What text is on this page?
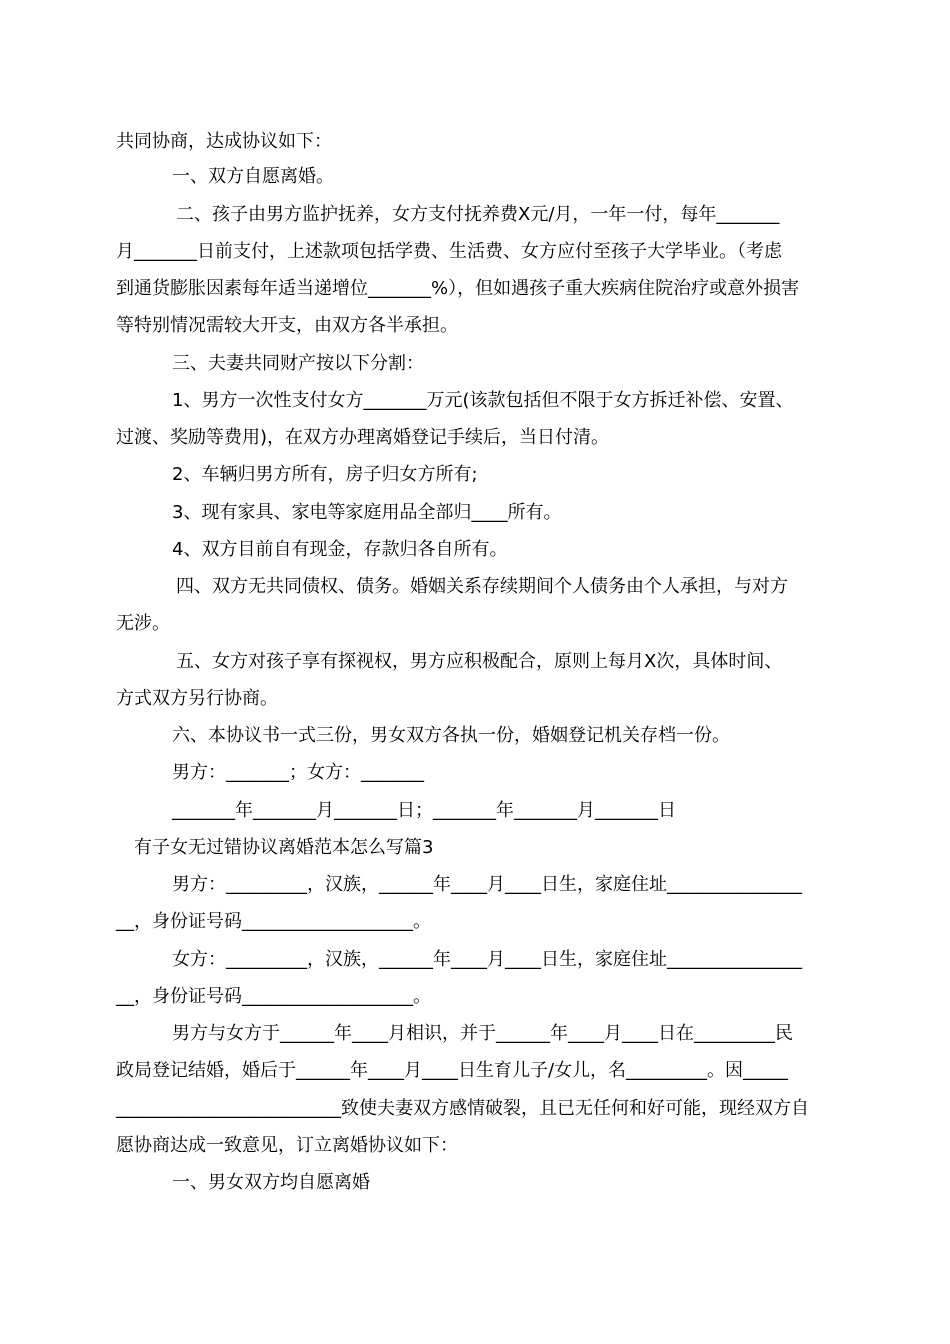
共同协商，达成协议如下：

一、双方自愿离婚。

二、孩子由男方监护抚养，女方支付抚养费X元/月，一年一付，每年_______

月_______日前支付，上述款项包括学费、生活费、女方应付至孩子大学毕业。（考虑

到通货膨胀因素每年适当递增位_______%），但如遇孩子重大疾病住院治疗或意外损害

等特别情况需较大开支，由双方各半承担。

三、夫妻共同财产按以下分割：

1、男方一次性支付女方_______万元(该款包括但不限于女方拆迁补偿、安置、

过渡、奖励等费用)，在双方办理离婚登记手续后，当日付清。

2、车辆归男方所有，房子归女方所有;

3、现有家具、家电等家庭用品全部归____所有。

4、双方目前自有现金，存款归各自所有。

四、双方无共同债权、债务。婚姻关系存续期间个人债务由个人承担，与对方

无涉。

五、女方对孩子享有探视权，男方应积极配合，原则上每月X次，具体时间、

方式双方另行协商。

六、本协议书一式三份，男女双方各执一份，婚姻登记机关存档一份。

男方：_______；女方：_______

_______年_______月_______日；_______年_______月_______日

有子女无过错协议离婚范本怎么写篇3

男方：_________，汉族，______年____月____日生，家庭住址_______________

__，身份证号码___________________。

女方：_________，汉族，______年____月____日生，家庭住址_______________

__，身份证号码___________________。

男方与女方于______年____月相识，并于______年____月____日在_________民

政局登记结婚，婚后于______年____月____日生育儿子/女儿，名_________。因_____

_________________________致使夫妻双方感情破裂，且已无任何和好可能，现经双方自

愿协商达成一致意见，订立离婚协议如下：

一、男女双方均自愿离婚
